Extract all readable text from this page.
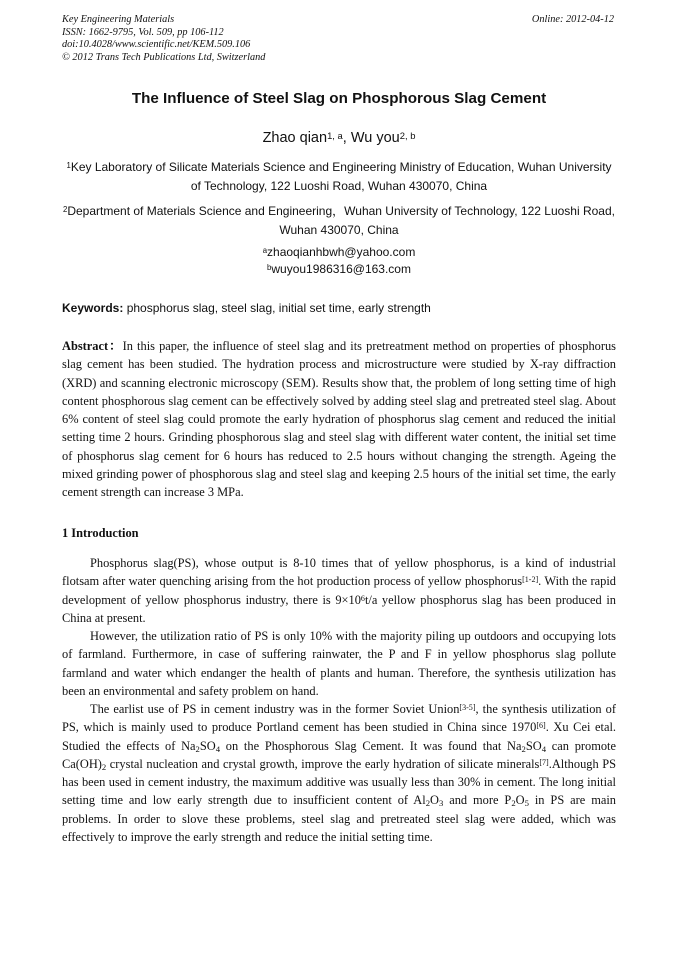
Key Engineering Materials
ISSN: 1662-9795, Vol. 509, pp 106-112
doi:10.4028/www.scientific.net/KEM.509.106
© 2012 Trans Tech Publications Ltd, Switzerland
Online: 2012-04-12
The Influence of Steel Slag on Phosphorous Slag Cement
Zhao qian$^{1, a}$, Wu you$^{2, b}$
$^1$Key Laboratory of Silicate Materials Science and Engineering Ministry of Education, Wuhan University of Technology, 122 Luoshi Road, Wuhan 430070, China
$^2$Department of Materials Science and Engineering，Wuhan University of Technology, 122 Luoshi Road, Wuhan 430070, China
$^a$zhaoqianhbwh@yahoo.com
$^b$wuyou1986316@163.com
Keywords: phosphorus slag, steel slag, initial set time, early strength
Abstract：In this paper, the influence of steel slag and its pretreatment method on properties of phosphorus slag cement has been studied. The hydration process and microstructure were studied by X-ray diffraction (XRD) and scanning electronic microscopy (SEM). Results show that, the problem of long setting time of high content phosphorous slag cement can be effectively solved by adding steel slag and pretreated steel slag. About 6% content of steel slag could promote the early hydration of phosphorus slag cement and reduced the initial setting time 2 hours. Grinding phosphorous slag and steel slag with different water content, the initial set time of phosphorus slag cement for 6 hours has reduced to 2.5 hours without changing the strength. Ageing the mixed grinding power of phosphorous slag and steel slag and keeping 2.5 hours of the initial set time, the early cement strength can increase 3 MPa.
1 Introduction

Phosphorus slag(PS), whose output is 8-10 times that of yellow phosphorus, is a kind of industrial flotsam after water quenching arising from the hot production process of yellow phosphorus[1-2]. With the rapid development of yellow phosphorus industry, there is $9\times 10^6t/a$ yellow phosphorus slag has been produced in China at present.

However, the utilization ratio of PS is only 10% with the majority piling up outdoors and occupying lots of farmland. Furthermore, in case of suffering rainwater, the P and F in yellow phosphorus slag pollute farmland and water which endanger the health of plants and human. Therefore, the synthesis utilization has been an environmental and safety problem on hand.

The earlist use of PS in cement industry was in the former Soviet Union[3-5], the synthesis utilization of PS, which is mainly used to produce Portland cement has been studied in China since 1970[6]. Xu Cei etal. Studied the effects of $Na_2SO_4$ on the Phosphorous Slag Cement. It was found that $Na_2SO_4$ can promote $Ca(OH)_2$ crystal nucleation and crystal growth, improve the early hydration of silicate minerals[7].Although PS has been used in cement industry, the maximum additive was usually less than 30% in cement. The long initial setting time and low early strength due to insufficient content of $Al_2O_3$ and more $P_2O_5$ in PS are main problems. In order to slove these problems, steel slag and pretreated steel slag were added, which was effectively to improve the early strength and reduce the initial setting time.
